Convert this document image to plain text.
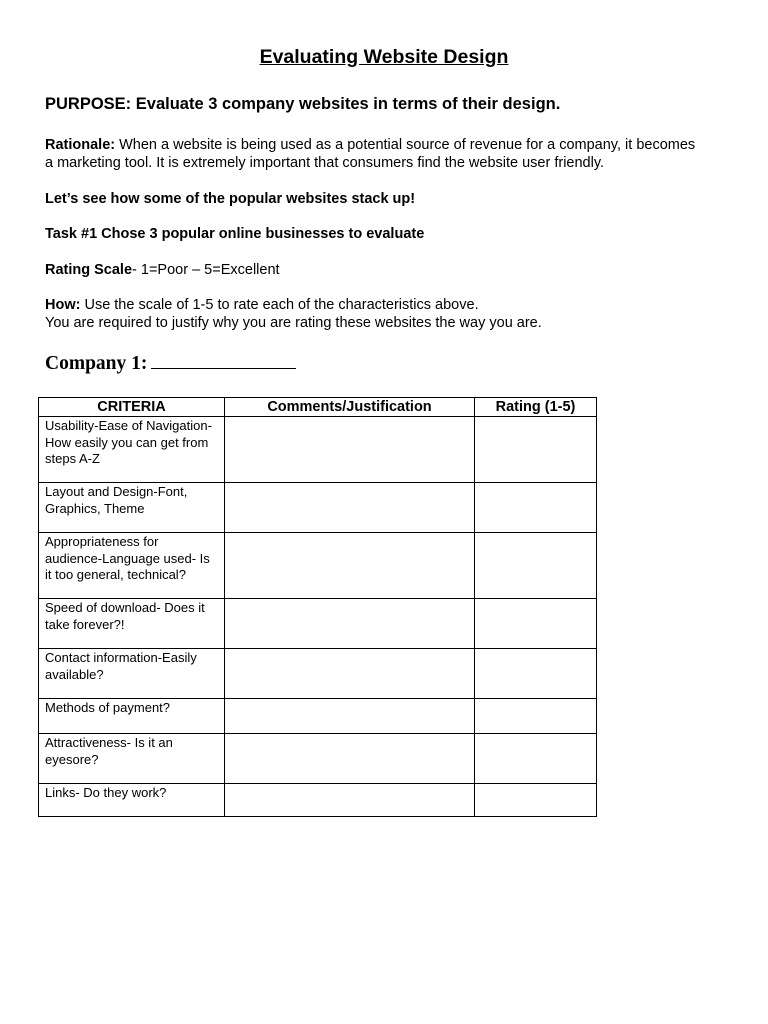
Evaluating Website Design
PURPOSE: Evaluate 3 company websites in terms of their design.
Rationale: When a website is being used as a potential source of revenue for a company, it becomes
a marketing tool. It is extremely important that consumers find the website user friendly.
Let’s see how some of the popular websites stack up!
Task #1 Chose 3 popular online businesses to evaluate
Rating Scale- 1=Poor – 5=Excellent
How: Use the scale of 1-5 to rate each of the characteristics above.
You are required to justify why you are rating these websites the way you are.
Company 1:
CRITERIA	Comments/Justification	Rating (1-5)
Usability-Ease of Navigation- How easily you can get from steps A-Z		
Layout and Design-Font, Graphics, Theme		
Appropriateness for audience-Language used- Is it too general, technical?		
Speed of download- Does it take forever?!		
Contact information-Easily available?		
Methods of payment?		
Attractiveness- Is it an eyesore?		
Links- Do they work?		
